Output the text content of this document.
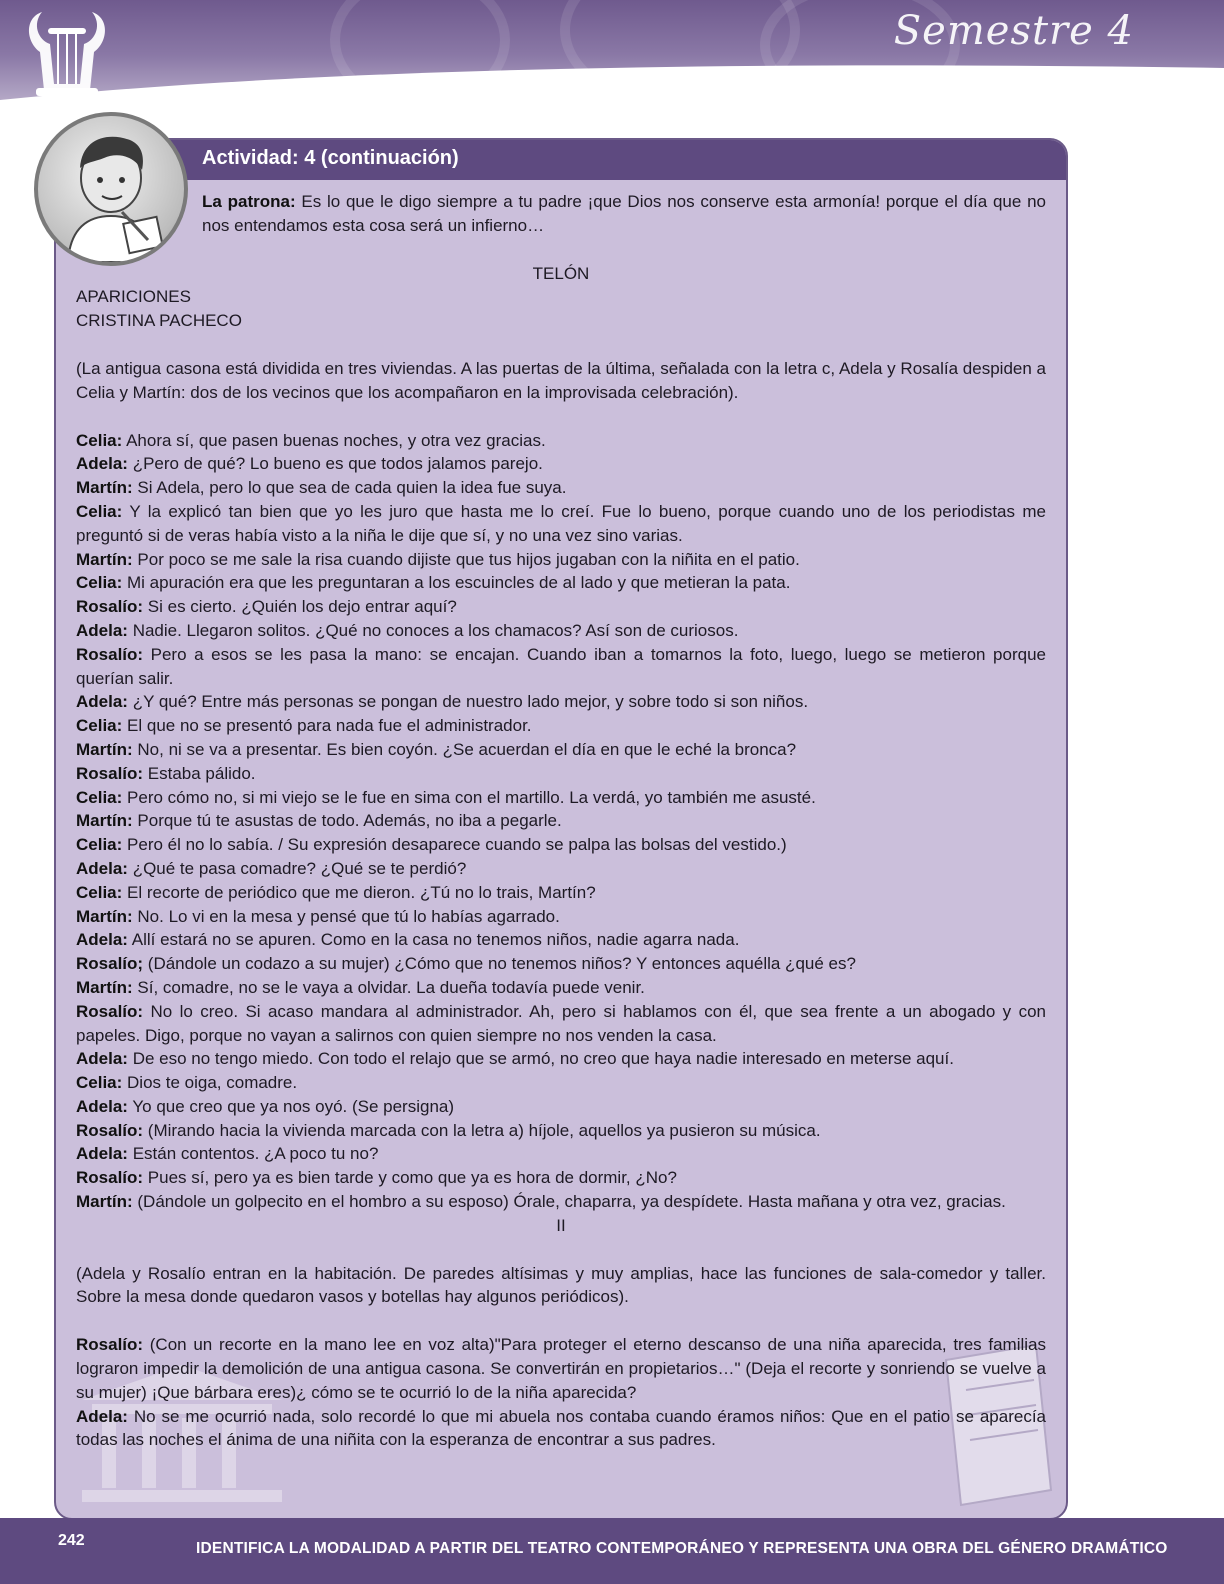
Semestre 4
Actividad: 4 (continuación)

La patrona: Es lo que le digo siempre a tu padre ¡que Dios nos conserve esta armonía! porque el día que no nos entendamos esta cosa será un infierno…

TELÓN

APARICIONES

CRISTINA PACHECO

(La antigua casona está dividida en tres viviendas. A las puertas de la última, señalada con la letra c, Adela y Rosalía despiden a Celia y Martín: dos de los vecinos que los acompañaron en la improvisada celebración).

Celia: Ahora sí, que pasen buenas noches, y otra vez gracias.

Adela: ¿Pero de qué? Lo bueno es que todos jalamos parejo.

Martín: Si Adela, pero lo que sea de cada quien la idea fue suya.

Celia: Y la explicó tan bien que yo les juro que hasta me lo creí. Fue lo bueno, porque cuando uno de los periodistas me preguntó si de veras había visto a la niña le dije que sí, y no una vez sino varias.

Martín: Por poco se me sale la risa cuando dijiste que tus hijos jugaban con la niñita en el patio.

Celia: Mi apuración era que les preguntaran a los escuincles de al lado y que metieran la pata.

Rosalío: Si es cierto. ¿Quién los dejo entrar aquí?

Adela: Nadie. Llegaron solitos. ¿Qué no conoces a los chamacos? Así son de curiosos.

Rosalío: Pero a esos se les pasa la mano: se encajan. Cuando iban a tomarnos la foto, luego, luego se metieron porque querían salir.

Adela: ¿Y qué? Entre más personas se pongan de nuestro lado mejor, y sobre todo si son niños.

Celia: El que no se presentó para nada fue el administrador.

Martín: No, ni se va a presentar. Es bien coyón. ¿Se acuerdan el día en que le eché la bronca?

Rosalío: Estaba pálido.

Celia: Pero cómo no, si mi viejo se le fue en sima con el martillo. La verdá, yo también me asusté.

Martín: Porque tú te asustas de todo. Además, no iba a pegarle.

Celia: Pero él no lo sabía. / Su expresión desaparece cuando se palpa las bolsas del vestido.)

Adela: ¿Qué te pasa comadre? ¿Qué se te perdió?

Celia: El recorte de periódico que me dieron. ¿Tú no lo trais, Martín?

Martín: No. Lo vi en la mesa y pensé que tú lo habías agarrado.

Adela: Allí estará no se apuren. Como en la casa no tenemos niños, nadie agarra nada.

Rosalío; (Dándole un codazo a su mujer) ¿Cómo que no tenemos niños? Y entonces aquélla ¿qué es?

Martín: Sí, comadre, no se le vaya a olvidar. La dueña todavía puede venir.

Rosalío: No lo creo. Si acaso mandara al administrador. Ah, pero si hablamos con él, que sea frente a un abogado y con papeles. Digo, porque no vayan a salirnos con quien siempre no nos venden la casa.

Adela: De eso no tengo miedo. Con todo el relajo que se armó, no creo que haya nadie interesado en meterse aquí.

Celia: Dios te oiga, comadre.

Adela: Yo que creo que ya nos oyó. (Se persigna)

Rosalío: (Mirando hacia la vivienda marcada con la letra a) híjole, aquellos ya pusieron su música.

Adela: Están contentos. ¿A poco tu no?

Rosalío: Pues sí, pero ya es bien tarde y como que ya es hora de dormir, ¿No?

Martín: (Dándole un golpecito en el hombro a su esposo) Órale, chaparra, ya despídete. Hasta mañana y otra vez, gracias.

II

(Adela y Rosalío entran en la habitación. De paredes altísimas y muy amplias, hace las funciones de sala-comedor y taller. Sobre la mesa donde quedaron vasos y botellas hay algunos periódicos).

Rosalío: (Con un recorte en la mano lee en voz alta)"Para proteger el eterno descanso de una niña aparecida, tres familias lograron impedir la demolición de una antigua casona. Se convertirán en propietarios…" (Deja el recorte y sonriendo se vuelve a su mujer) ¡Que bárbara eres)¿ cómo se te ocurrió lo de la niña aparecida?

Adela: No se me ocurrió nada, solo recordé lo que mi abuela nos contaba cuando éramos niños: Que en el patio se aparecía todas las noches el ánima de una niñita con la esperanza de encontrar a sus padres.

242	IDENTIFICA LA MODALIDAD A PARTIR DEL TEATRO CONTEMPORÁNEO Y REPRESENTA UNA OBRA DEL GÉNERO DRAMÁTICO
